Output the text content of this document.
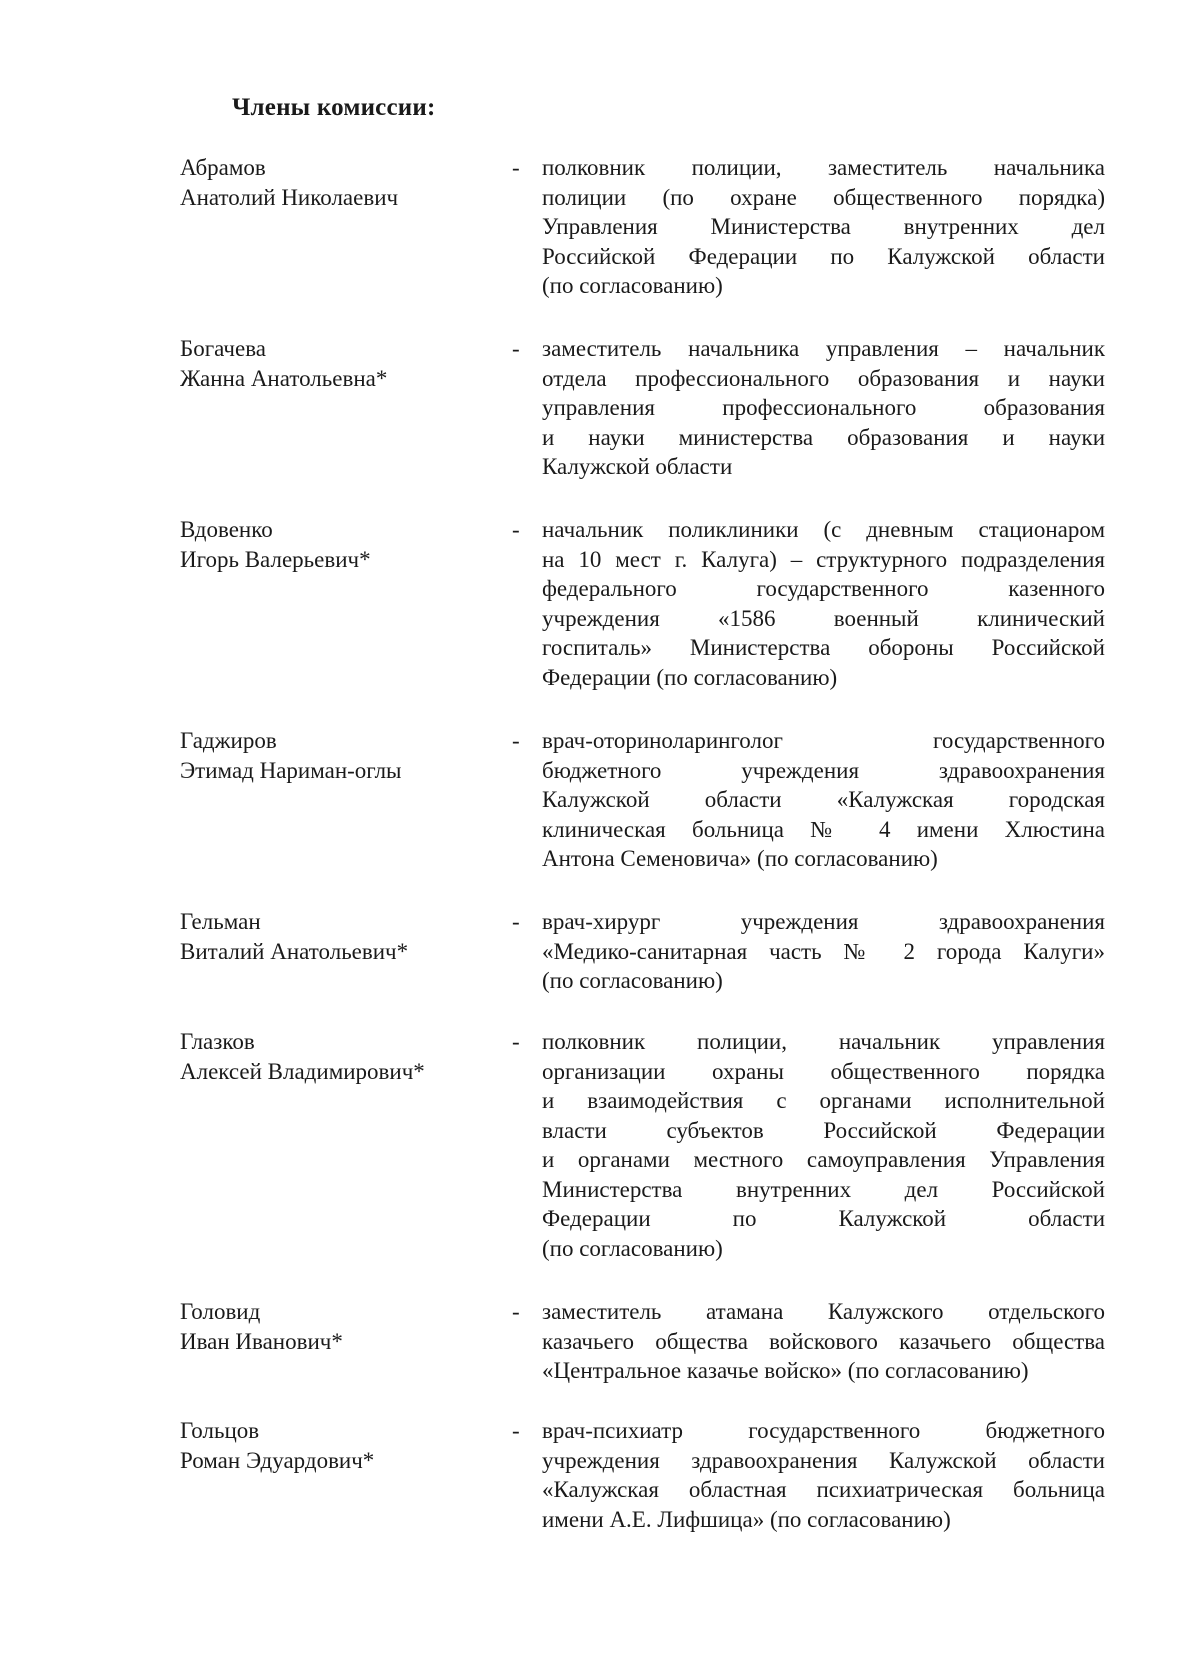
Члены комиссии:
Абрамов
Анатолий Николаевич
- полковник полиции, заместитель начальника
полиции (по охране общественного порядка)
Управления Министерства внутренних дел
Российской Федерации по Калужской области
(по согласованию)
Богачева
Жанна Анатольевна*
- заместитель начальника управления – начальник
отдела профессионального образования и науки
управления профессионального образования
и науки министерства образования и науки
Калужской области
Вдовенко
Игорь Валерьевич*
- начальник поликлиники (с дневным стационаром
на 10 мест г. Калуга) – структурного подразделения
федерального государственного казенного
учреждения «1586 военный клинический
госпиталь» Министерства обороны Российской
Федерации (по согласованию)
Гаджиров
Этимад Нариман-оглы
- врач-оториноларинголог государственного
бюджетного учреждения здравоохранения
Калужской области «Калужская городская
клиническая больница № 4 имени Хлюстина
Антона Семеновича» (по согласованию)
Гельман
Виталий Анатольевич*
- врач-хирург учреждения здравоохранения
«Медико-санитарная часть № 2 города Калуги»
(по согласованию)
Глазков
Алексей Владимирович*
- полковник полиции, начальник управления
организации охраны общественного порядка
и взаимодействия с органами исполнительной
власти субъектов Российской Федерации
и органами местного самоуправления Управления
Министерства внутренних дел Российской
Федерации по Калужской области
(по согласованию)
Головид
Иван Иванович*
- заместитель атамана Калужского отдельского
казачьего общества войскового казачьего общества
«Центральное казачье войско» (по согласованию)
Гольцов
Роман Эдуардович*
- врач-психиатр государственного бюджетного
учреждения здравоохранения Калужской области
«Калужская областная психиатрическая больница
имени А.Е. Лифшица» (по согласованию)
